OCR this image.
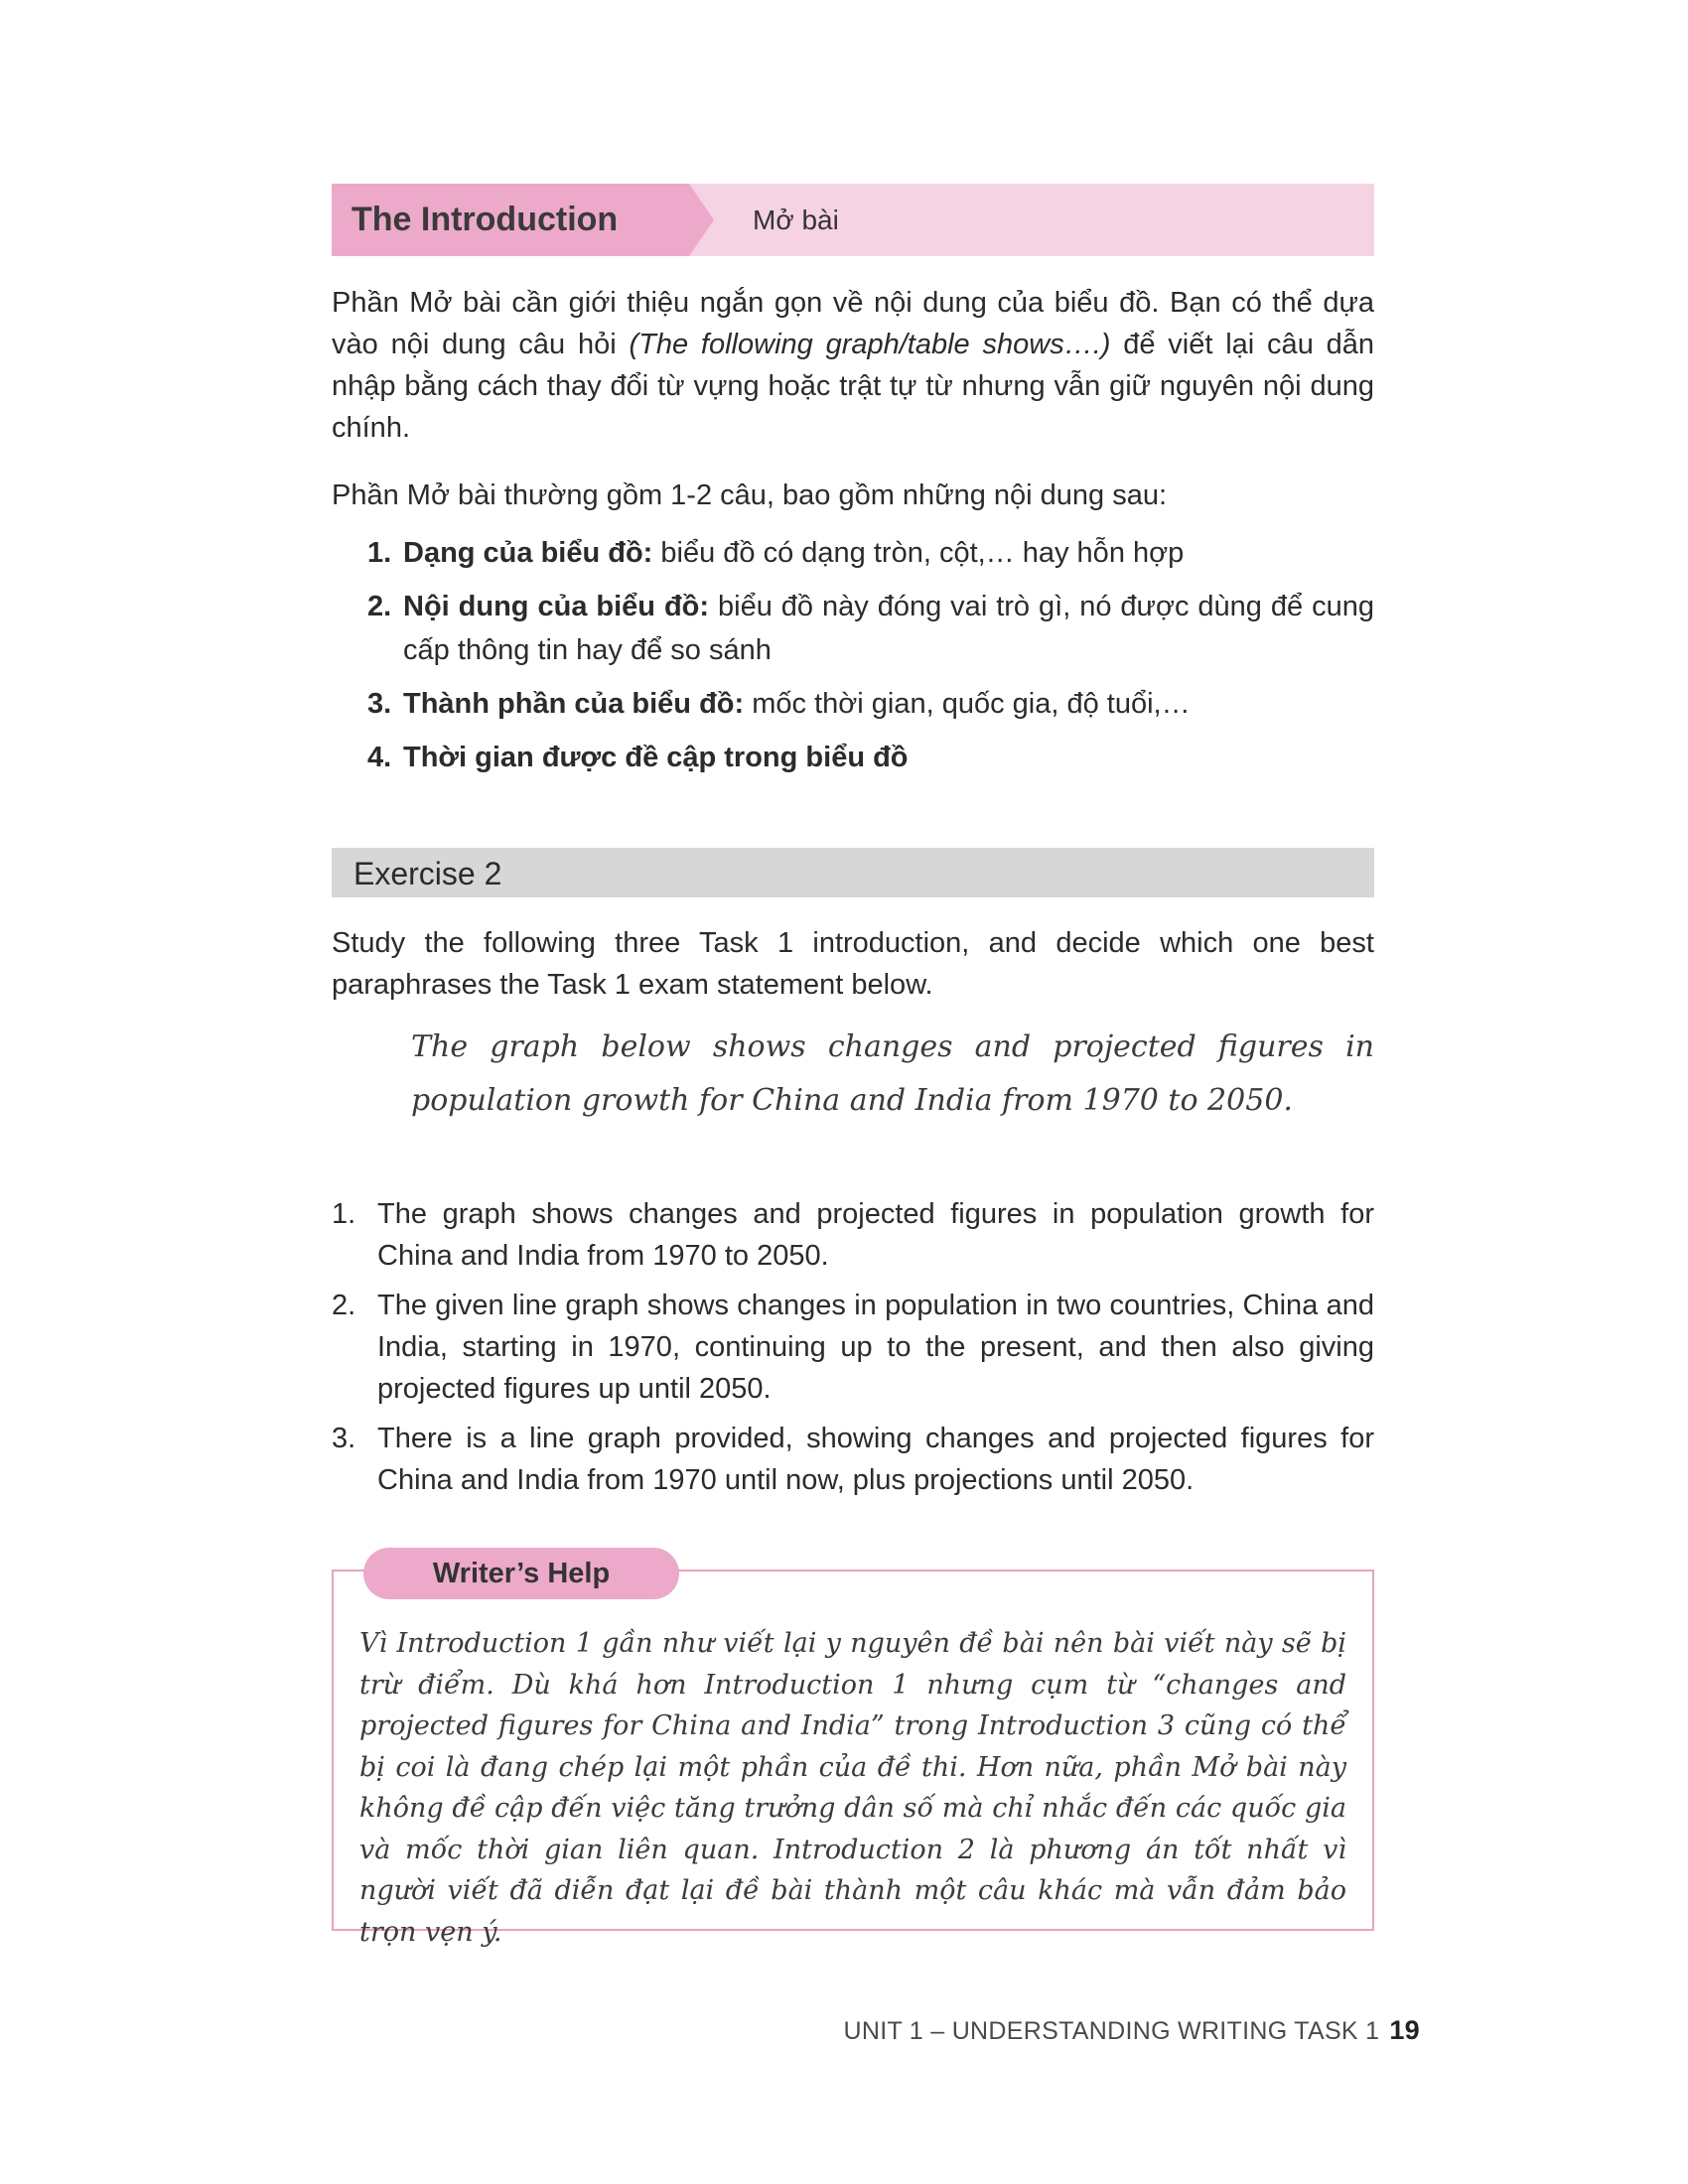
The Introduction	Mở bài

Phần Mở bài cần giới thiệu ngắn gọn về nội dung của biểu đồ. Bạn có thể dựa vào nội dung câu hỏi (The following graph/table shows….) để viết lại câu dẫn nhập bằng cách thay đổi từ vựng hoặc trật tự từ nhưng vẫn giữ nguyên nội dung chính.

Phần Mở bài thường gồm 1-2 câu, bao gồm những nội dung sau:

1. Dạng của biểu đồ: biểu đồ có dạng tròn, cột,… hay hỗn hợp
2. Nội dung của biểu đồ: biểu đồ này đóng vai trò gì, nó được dùng để cung cấp thông tin hay để so sánh
3. Thành phần của biểu đồ: mốc thời gian, quốc gia, độ tuổi,…
4. Thời gian được đề cập trong biểu đồ
Exercise 2

Study the following three Task 1 introduction, and decide which one best paraphrases the Task 1 exam statement below.

The graph below shows changes and projected figures in population growth for China and India from 1970 to 2050.

1. The graph shows changes and projected figures in population growth for China and India from 1970 to 2050.
2. The given line graph shows changes in population in two countries, China and India, starting in 1970, continuing up to the present, and then also giving projected figures up until 2050.
3. There is a line graph provided, showing changes and projected figures for China and India from 1970 until now, plus projections until 2050.
Writer’s Help

Vì Introduction 1 gần như viết lại y nguyên đề bài nên bài viết này sẽ bị trừ điểm. Dù khá hơn Introduction 1 nhưng cụm từ “changes and projected figures for China and India” trong Introduction 3 cũng có thể bị coi là đang chép lại một phần của đề thi. Hơn nữa, phần Mở bài này không đề cập đến việc tăng trưởng dân số mà chỉ nhắc đến các quốc gia và mốc thời gian liên quan. Introduction 2 là phương án tốt nhất vì người viết đã diễn đạt lại đề bài thành một câu khác mà vẫn đảm bảo trọn vẹn ý.

UNIT 1 – UNDERSTANDING WRITING TASK 1 19
